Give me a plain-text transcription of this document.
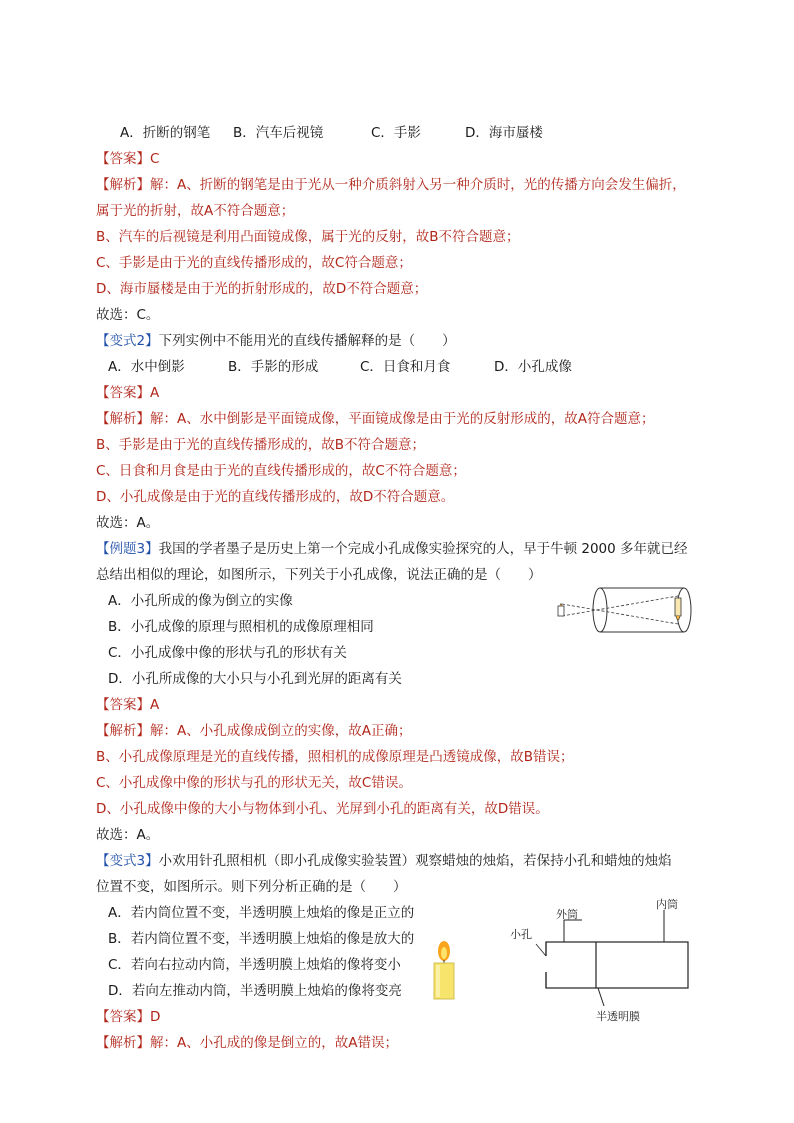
A．折断的钢笔 B．汽车后视镜	C．手影	D．海市蜃楼
【答案】C
【解析】解：A、折断的钢笔是由于光从一种介质斜射入另一种介质时，光的传播方向会发生偏折，
属于光的折射，故A不符合题意；
B、汽车的后视镜是利用凸面镜成像，属于光的反射，故B不符合题意；
C、手影是由于光的直线传播形成的，故C符合题意；
D、海市蜃楼是由于光的折射形成的，故D不符合题意；
故选：C。
【变式2】下列实例中不能用光的直线传播解释的是（　　）
A．水中倒影	B．手影的形成	C．日食和月食	D．小孔成像
【答案】A
【解析】解：A、水中倒影是平面镜成像，平面镜成像是由于光的反射形成的，故A符合题意；
B、手影是由于光的直线传播形成的，故B不符合题意；
C、日食和月食是由于光的直线传播形成的，故C不符合题意；
D、小孔成像是由于光的直线传播形成的，故D不符合题意。
故选：A。
【例题3】我国的学者墨子是历史上第一个完成小孔成像实验探究的人，早于牛顿 2000 多年就已经
总结出相似的理论，如图所示，下列关于小孔成像，说法正确的是（　　）
A．小孔所成的像为倒立的实像
B．小孔成像的原理与照相机的成像原理相同
C．小孔成像中像的形状与孔的形状有关
D．小孔所成像的大小只与小孔到光屏的距离有关
【答案】A
【解析】解：A、小孔成像成倒立的实像，故A正确；
B、小孔成像原理是光的直线传播，照相机的成像原理是凸透镜成像，故B错误；
C、小孔成像中像的形状与孔的形状无关，故C错误。
D、小孔成像中像的大小与物体到小孔、光屏到小孔的距离有关，故D错误。
故选：A。
【变式3】小欢用针孔照相机（即小孔成像实验装置）观察蜡烛的烛焰，若保持小孔和蜡烛的烛焰
位置不变，如图所示。则下列分析正确的是（　　）
A．若内筒位置不变，半透明膜上烛焰的像是正立的
B．若内筒位置不变，半透明膜上烛焰的像是放大的
C．若向右拉动内筒，半透明膜上烛焰的像将变小
D．若向左推动内筒，半透明膜上烛焰的像将变亮
外筒
内筒
小孔
半透明膜
【答案】D
【解析】解：A、小孔成的像是倒立的，故A错误；
